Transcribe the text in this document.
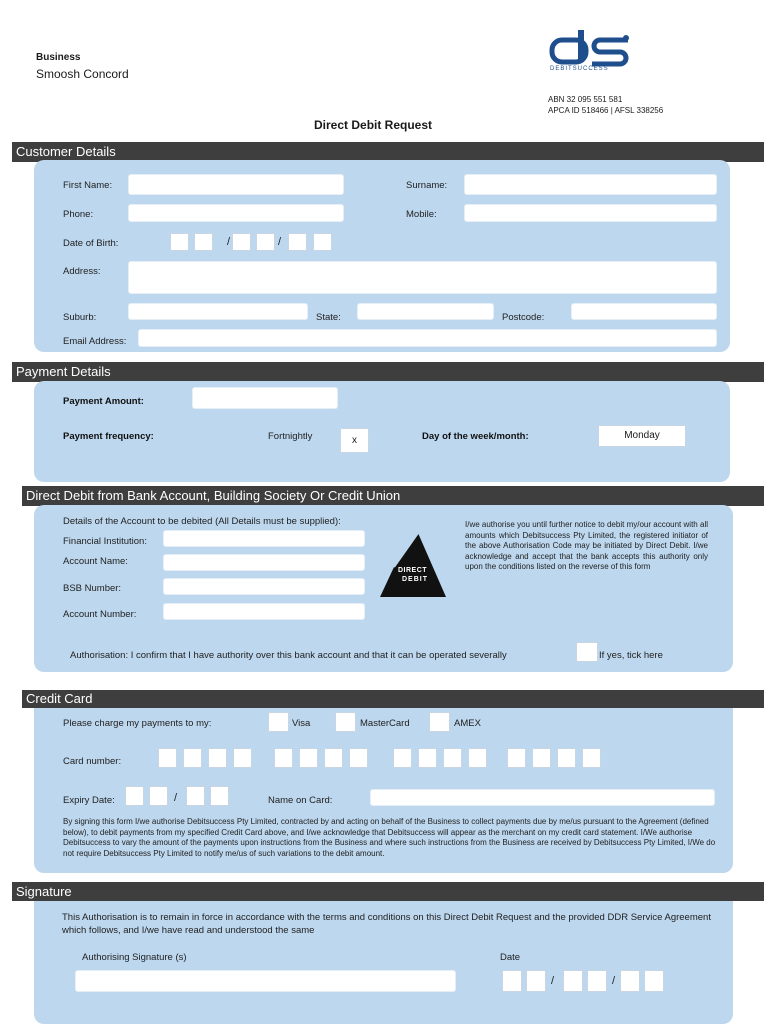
Business
Smoosh Concord	DEBITSUCCESS
ABN 32 095 551 581
APCA ID 518466 | AFSL 338256
Direct Debit Request
Customer Details
First Name:	Surname:
Phone:	Mobile:
Date of Birth:	/	/
Address:
Suburb:	State:	Postcode:
Email Address:
Payment Details
Payment Amount:
Payment frequency:	Fortnightly	x	Day of the week/month:	Monday
Direct Debit from Bank Account, Building Society Or Credit Union
Details of the Account to be debited (All Details must be supplied):
Financial Institution:
Account Name:
BSB Number:
Account Number:
DIRECT
DEBIT
I/we authorise you until further notice to debit my/our account with all amounts which Debitsuccess Pty Limited, the registered initiator of the above Authorisation Code may be initiated by Direct Debit. I/we acknowledge and accept that the bank accepts this authority only upon the conditions listed on the reverse of this form
Authorisation: I confirm that I have authority over this bank account and that it can be operated severally	If yes, tick here
Credit Card
Please charge my payments to my:	Visa	MasterCard	AMEX
Card number:
Expiry Date:	/	Name on Card:
By signing this form I/we authorise Debitsuccess Pty Limited, contracted by and acting on behalf of the Business to collect payments due by me/us pursuant to the Agreement (defined below), to debit payments from my specified Credit Card above, and I/we acknowledge that Debitsuccess will appear as the merchant on my credit card statement. I/We authorise Debitsuccess to vary the amount of the payments upon instructions from the Business and where such instructions from the Business are received by Debitsuccess Pty Limited, I/We do not require Debitsuccess Pty Limited to notify me/us of such variations to the debit amount.
Signature
This Authorisation is to remain in force in accordance with the terms and conditions on this Direct Debit Request and the provided DDR Service Agreement which follows, and I/we have read and understood the same
Authorising Signature (s)	Date
/	/
